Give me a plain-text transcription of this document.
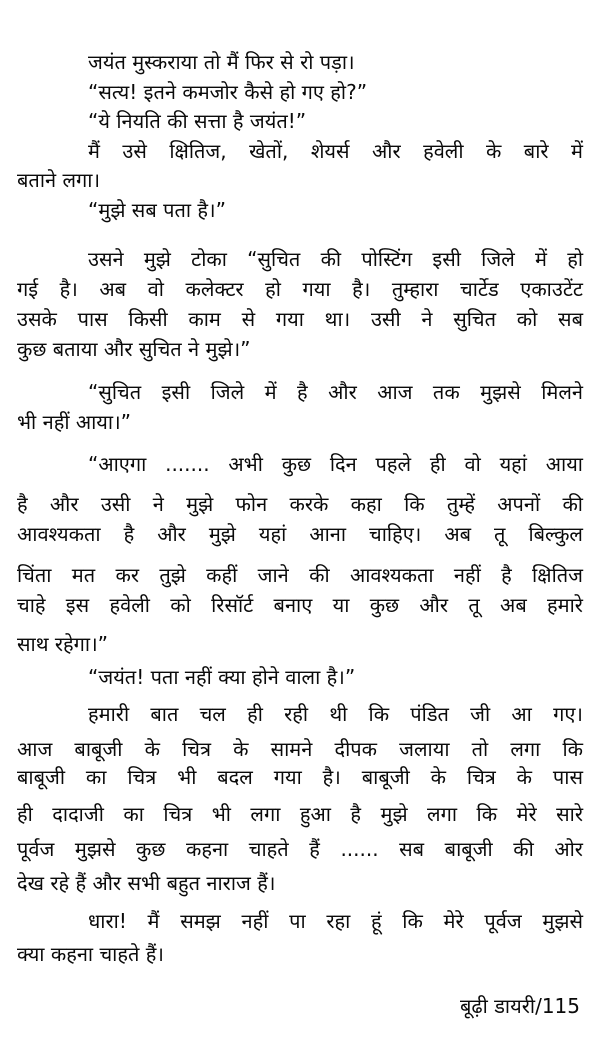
जयंत मुस्कराया तो मैं फिर से रो पड़ा।
“सत्य! इतने कमजोर कैसे हो गए हो?”
“ये नियति की सत्ता है जयंत!”
मैं उसे क्षितिज, खेतों, शेयर्स और हवेली के बारे में
बताने लगा।
“मुझे सब पता है।”
उसने मुझे टोका “सुचित की पोस्टिंग इसी जिले में हो
गई है। अब वो कलेक्टर हो गया है। तुम्हारा चार्टेड एकाउटेंट
उसके पास किसी काम से गया था। उसी ने सुचित को सब
कुछ बताया और सुचित ने मुझे।”
“सुचित इसी जिले में है और आज तक मुझसे मिलने
भी नहीं आया।”
“आएगा ....... अभी कुछ दिन पहले ही वो यहां आया
है और उसी ने मुझे फोन करके कहा कि तुम्हें अपनों की
आवश्यकता है और मुझे यहां आना चाहिए। अब तू बिल्कुल
चिंता मत कर तुझे कहीं जाने की आवश्यकता नहीं है क्षितिज
चाहे इस हवेली को रिसॉर्ट बनाए या कुछ और तू अब हमारे
साथ रहेगा।”
“जयंत! पता नहीं क्या होने वाला है।”
हमारी बात चल ही रही थी कि पंडित जी आ गए।
आज बाबूजी के चित्र के सामने दीपक जलाया तो लगा कि
बाबूजी का चित्र भी बदल गया है। बाबूजी के चित्र के पास
ही दादाजी का चित्र भी लगा हुआ है मुझे लगा कि मेरे सारे
पूर्वज मुझसे कुछ कहना चाहते हैं ...... सब बाबूजी की ओर
देख रहे हैं और सभी बहुत नाराज हैं।
धारा! मैं समझ नहीं पा रहा हूं कि मेरे पूर्वज मुझसे
क्या कहना चाहते हैं।
बूढ़ी डायरी/115
